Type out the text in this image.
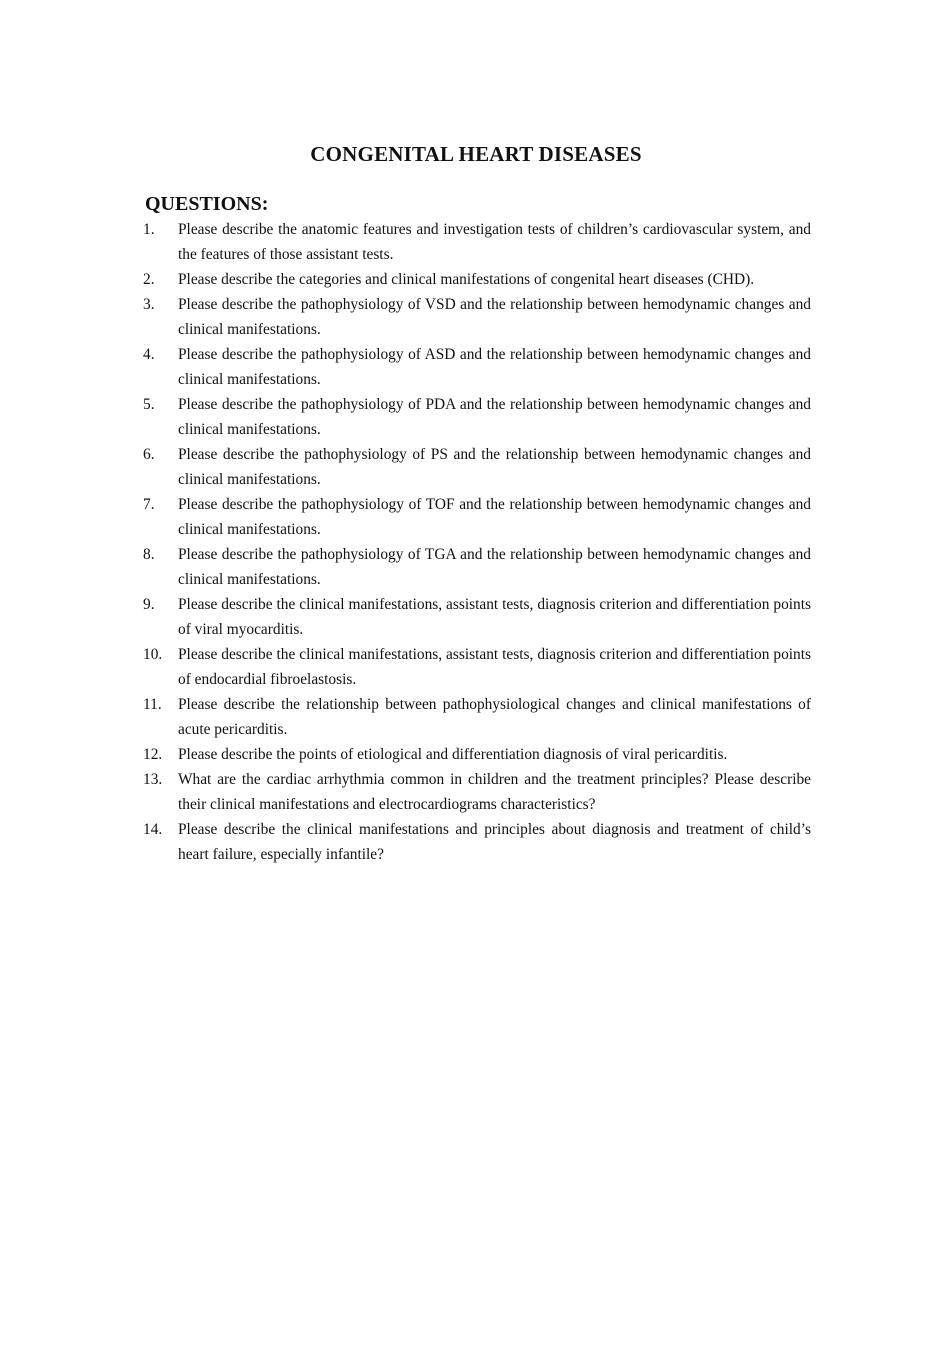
CONGENITAL HEART DISEASES
QUESTIONS:
1.	Please describe the anatomic features and investigation tests of children’s cardiovascular system, and the features of those assistant tests.
2.	Please describe the categories and clinical manifestations of congenital heart diseases (CHD).
3.	Please describe the pathophysiology of VSD and the relationship between hemodynamic changes and clinical manifestations.
4.	Please describe the pathophysiology of ASD and the relationship between hemodynamic changes and clinical manifestations.
5.	Please describe the pathophysiology of PDA and the relationship between hemodynamic changes and clinical manifestations.
6.	Please describe the pathophysiology of PS and the relationship between hemodynamic changes and clinical manifestations.
7.	Please describe the pathophysiology of TOF and the relationship between hemodynamic changes and clinical manifestations.
8.	Please describe the pathophysiology of TGA and the relationship between hemodynamic changes and clinical manifestations.
9.	Please describe the clinical manifestations, assistant tests, diagnosis criterion and differentiation points of viral myocarditis.
10.	Please describe the clinical manifestations, assistant tests, diagnosis criterion and differentiation points of endocardial fibroelastosis.
11.	Please describe the relationship between pathophysiological changes and clinical manifestations of acute pericarditis.
12.	Please describe the points of etiological and differentiation diagnosis of viral pericarditis.
13.	What are the cardiac arrhythmia common in children and the treatment principles? Please describe their clinical manifestations and electrocardiograms characteristics?
14.	Please describe the clinical manifestations and principles about diagnosis and treatment of child’s heart failure, especially infantile?
